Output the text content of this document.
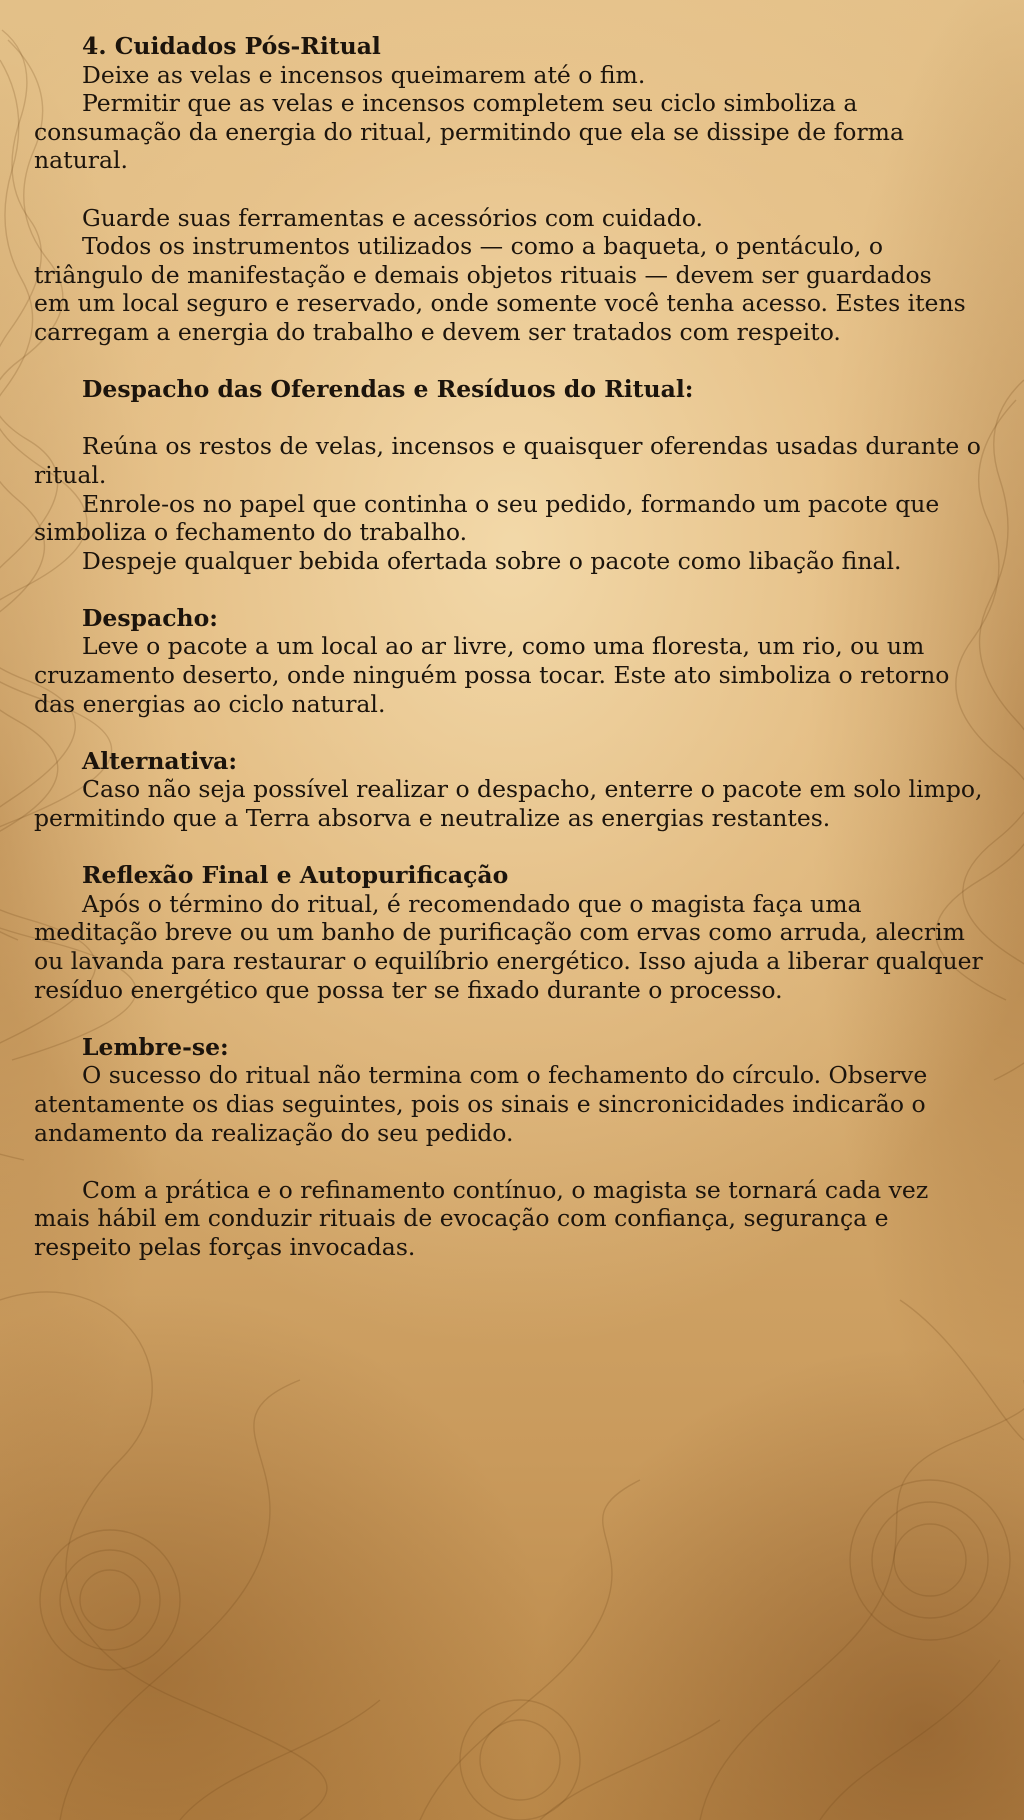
4. Cuidados Pós-Ritual

Deixe as velas e incensos queimarem até o fim.

Permitir que as velas e incensos completem seu ciclo simboliza a

consumação da energia do ritual, permitindo que ela se dissipe de forma

natural.

Guarde suas ferramentas e acessórios com cuidado.

Todos os instrumentos utilizados — como a baqueta, o pentáculo, o

triângulo de manifestação e demais objetos rituais — devem ser guardados

em um local seguro e reservado, onde somente você tenha acesso. Estes itens

carregam a energia do trabalho e devem ser tratados com respeito.

Despacho das Oferendas e Resíduos do Ritual:

Reúna os restos de velas, incensos e quaisquer oferendas usadas durante o

ritual.

Enrole-os no papel que continha o seu pedido, formando um pacote que

simboliza o fechamento do trabalho.

Despeje qualquer bebida ofertada sobre o pacote como libação final.

Despacho:

Leve o pacote a um local ao ar livre, como uma floresta, um rio, ou um

cruzamento deserto, onde ninguém possa tocar. Este ato simboliza o retorno

das energias ao ciclo natural.

Alternativa:

Caso não seja possível realizar o despacho, enterre o pacote em solo limpo,

permitindo que a Terra absorva e neutralize as energias restantes.

Reflexão Final e Autopurificação

Após o término do ritual, é recomendado que o magista faça uma

meditação breve ou um banho de purificação com ervas como arruda, alecrim

ou lavanda para restaurar o equilíbrio energético. Isso ajuda a liberar qualquer

resíduo energético que possa ter se fixado durante o processo.

Lembre-se:

O sucesso do ritual não termina com o fechamento do círculo. Observe

atentamente os dias seguintes, pois os sinais e sincronicidades indicarão o

andamento da realização do seu pedido.

Com a prática e o refinamento contínuo, o magista se tornará cada vez

mais hábil em conduzir rituais de evocação com confiança, segurança e

respeito pelas forças invocadas.
